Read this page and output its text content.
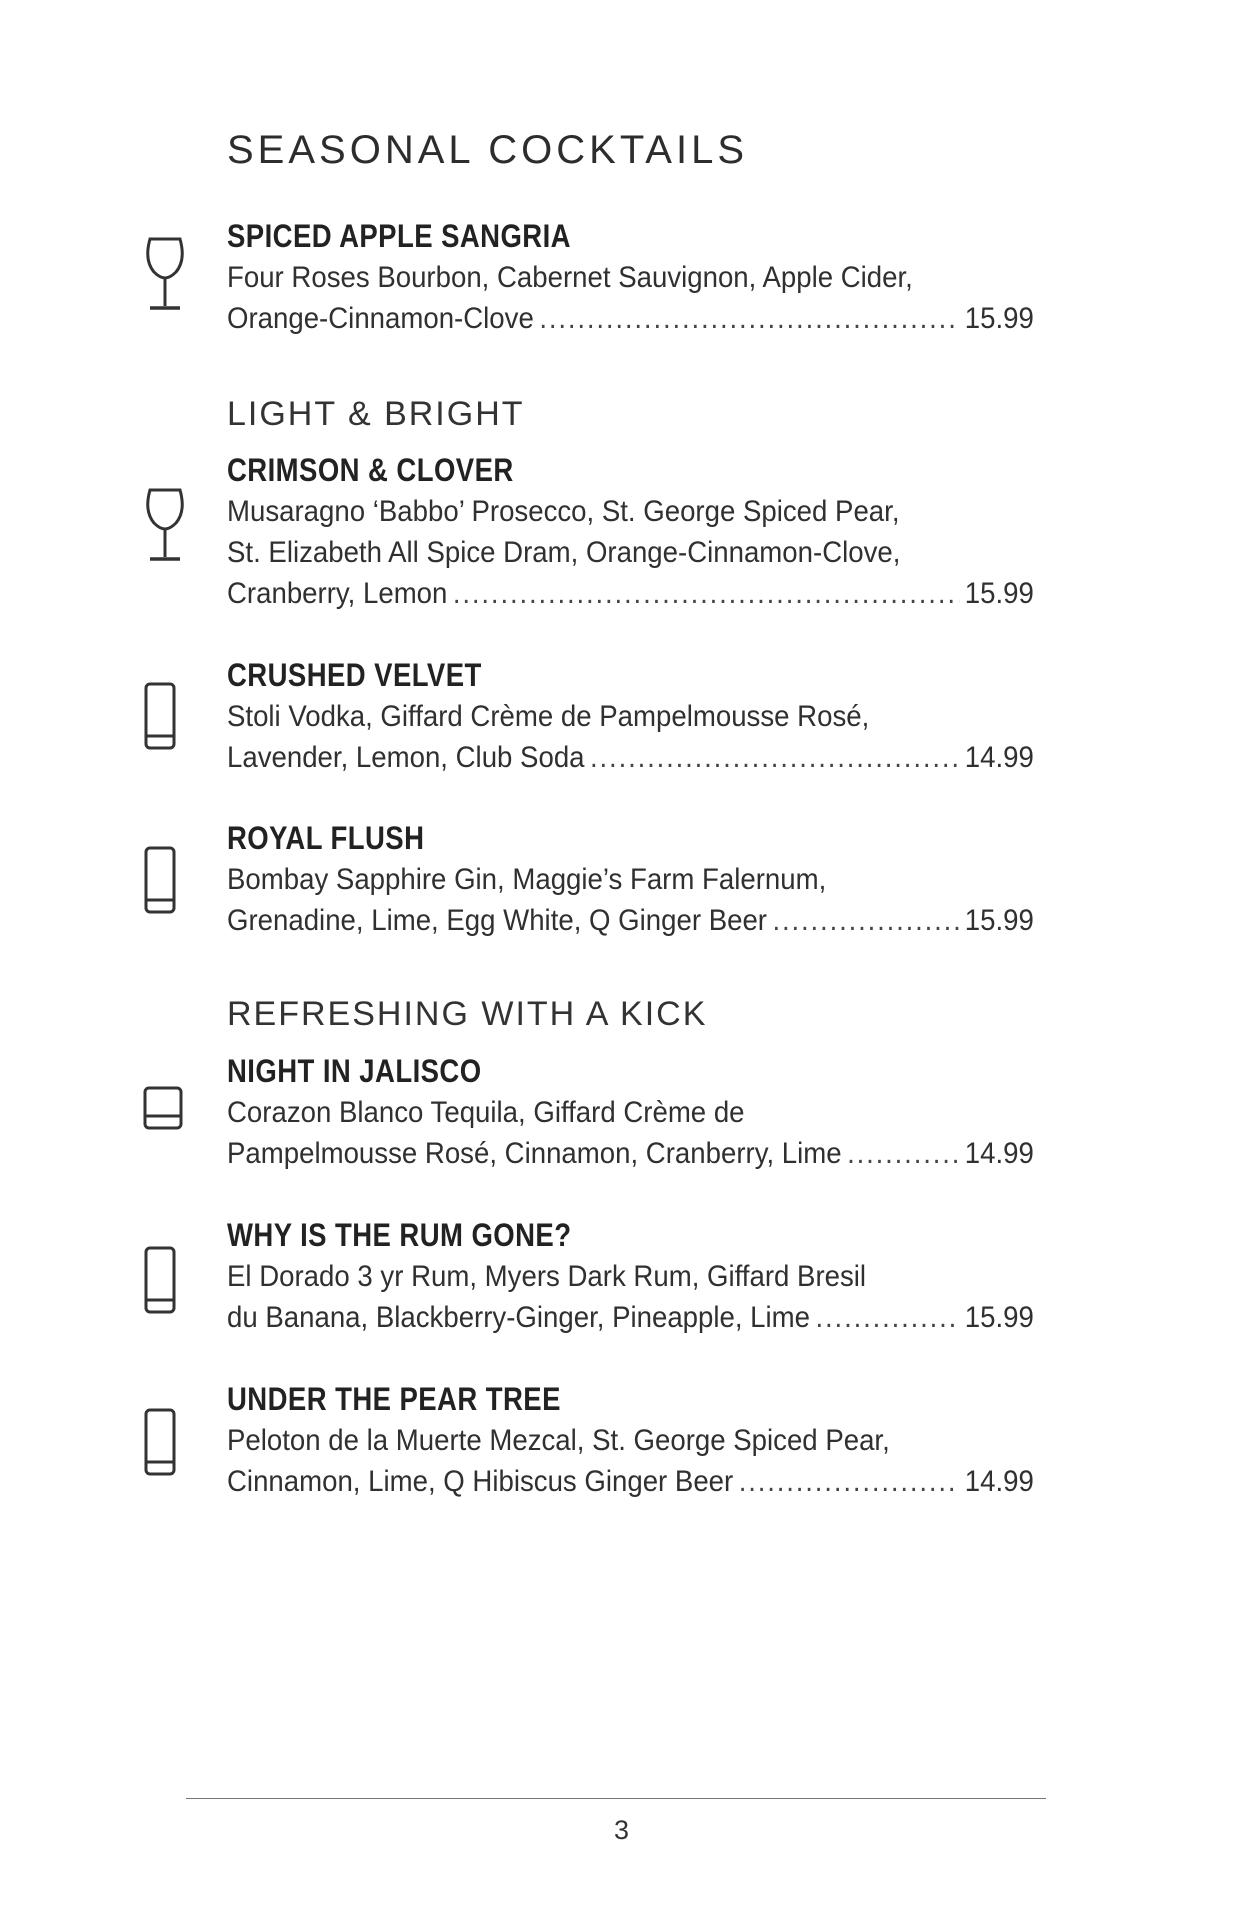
SEASONAL COCKTAILS
SPICED APPLE SANGRIA
Four Roses Bourbon, Cabernet Sauvignon, Apple Cider,
Orange-Cinnamon-Clove .....	15.99
LIGHT & BRIGHT
CRIMSON & CLOVER
Musaragno ‘Babbo’ Prosecco, St. George Spiced Pear,
St. Elizabeth All Spice Dram, Orange-Cinnamon-Clove,
Cranberry, Lemon .....	15.99
CRUSHED VELVET
Stoli Vodka, Giffard Crème de Pampelmousse Rosé,
Lavender, Lemon, Club Soda .....	14.99
ROYAL FLUSH
Bombay Sapphire Gin, Maggie’s Farm Falernum,
Grenadine, Lime, Egg White, Q Ginger Beer .....	15.99
REFRESHING WITH A KICK
NIGHT IN JALISCO
Corazon Blanco Tequila, Giffard Crème de
Pampelmousse Rosé, Cinnamon, Cranberry, Lime .....	14.99
WHY IS THE RUM GONE?
El Dorado 3 yr Rum, Myers Dark Rum, Giffard Bresil
du Banana, Blackberry-Ginger, Pineapple, Lime .....	15.99
UNDER THE PEAR TREE
Peloton de la Muerte Mezcal, St. George Spiced Pear,
Cinnamon, Lime, Q Hibiscus Ginger Beer .....	14.99
3
